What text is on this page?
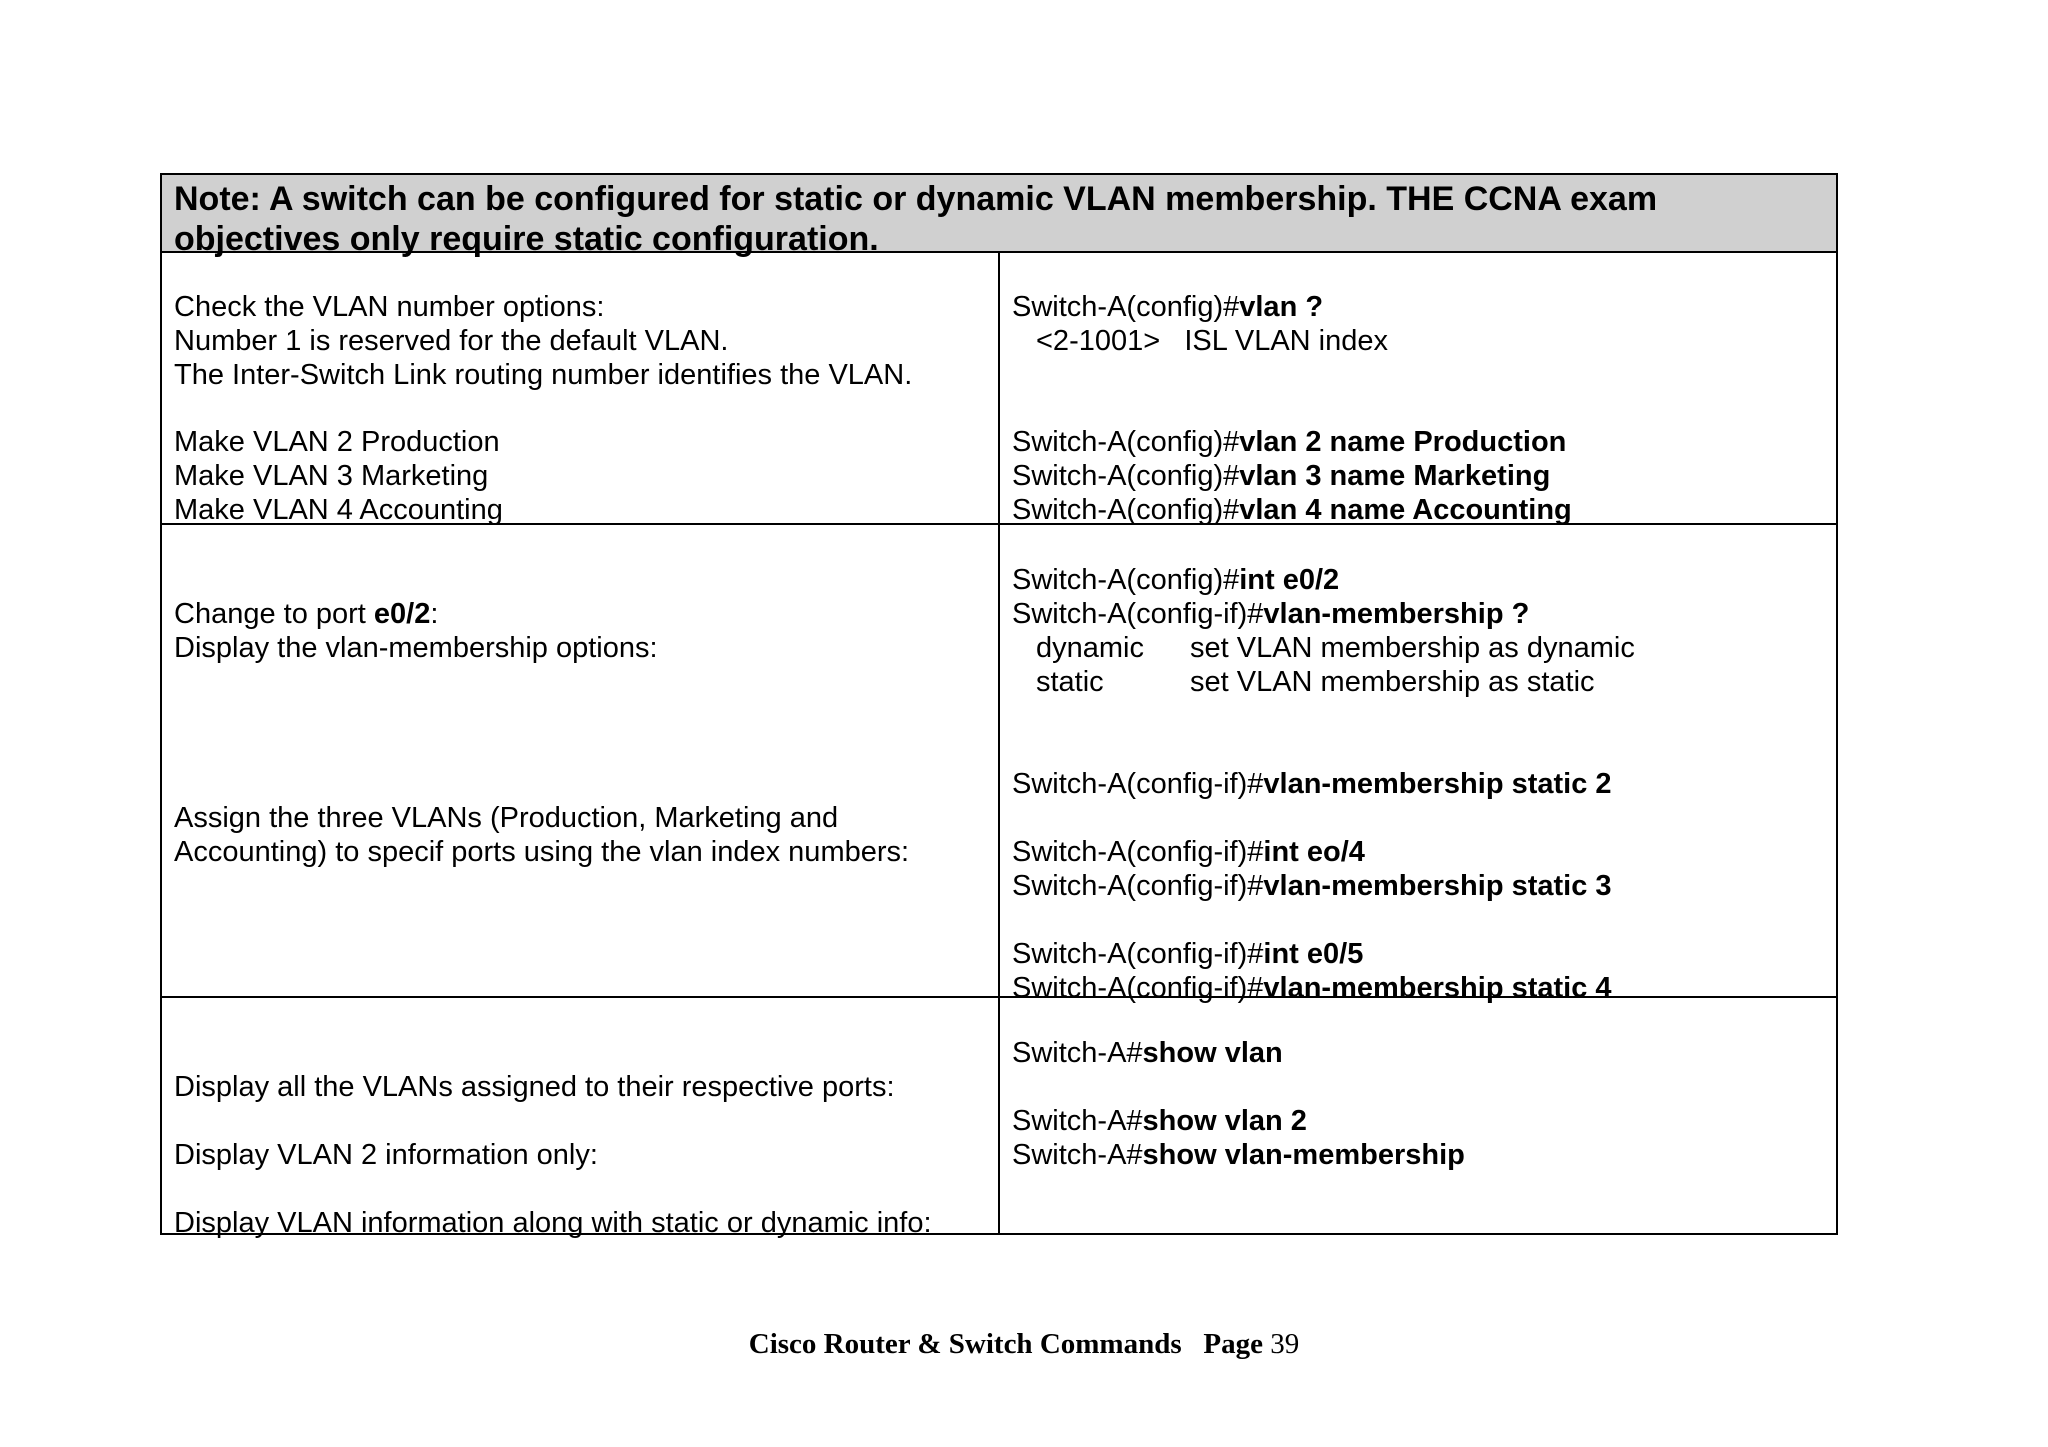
Note: A switch can be configured for static or dynamic VLAN membership. THE CCNA exam objectives only require static configuration.
Check the VLAN number options:
Number 1 is reserved for the default VLAN.
The Inter-Switch Link routing number identifies the VLAN.
Make VLAN 2 Production
Make VLAN 3 Marketing
Make VLAN 4 Accounting
Switch-A(config)#vlan ?
<2-1001>   ISL VLAN index
Switch-A(config)#vlan 2 name Production
Switch-A(config)#vlan 3 name Marketing
Switch-A(config)#vlan 4 name Accounting
Change to port e0/2:
Display the vlan-membership options:
Assign the three VLANs (Production, Marketing and
Accounting) to specif ports using the vlan index numbers:
Switch-A(config)#int e0/2
Switch-A(config-if)#vlan-membership ?
dynamic set VLAN membership as dynamic
static	set VLAN membership as static
Switch-A(config-if)#vlan-membership static 2
Switch-A(config-if)#int eo/4
Switch-A(config-if)#vlan-membership static 3
Switch-A(config-if)#int e0/5
Switch-A(config-if)#vlan-membership static 4
Display all the VLANs assigned to their respective ports:
Display VLAN 2 information only:
Display VLAN information along with static or dynamic info:
Switch-A#show vlan
Switch-A#show vlan 2
Switch-A#show vlan-membership
Cisco Router & Switch Commands Page 39
